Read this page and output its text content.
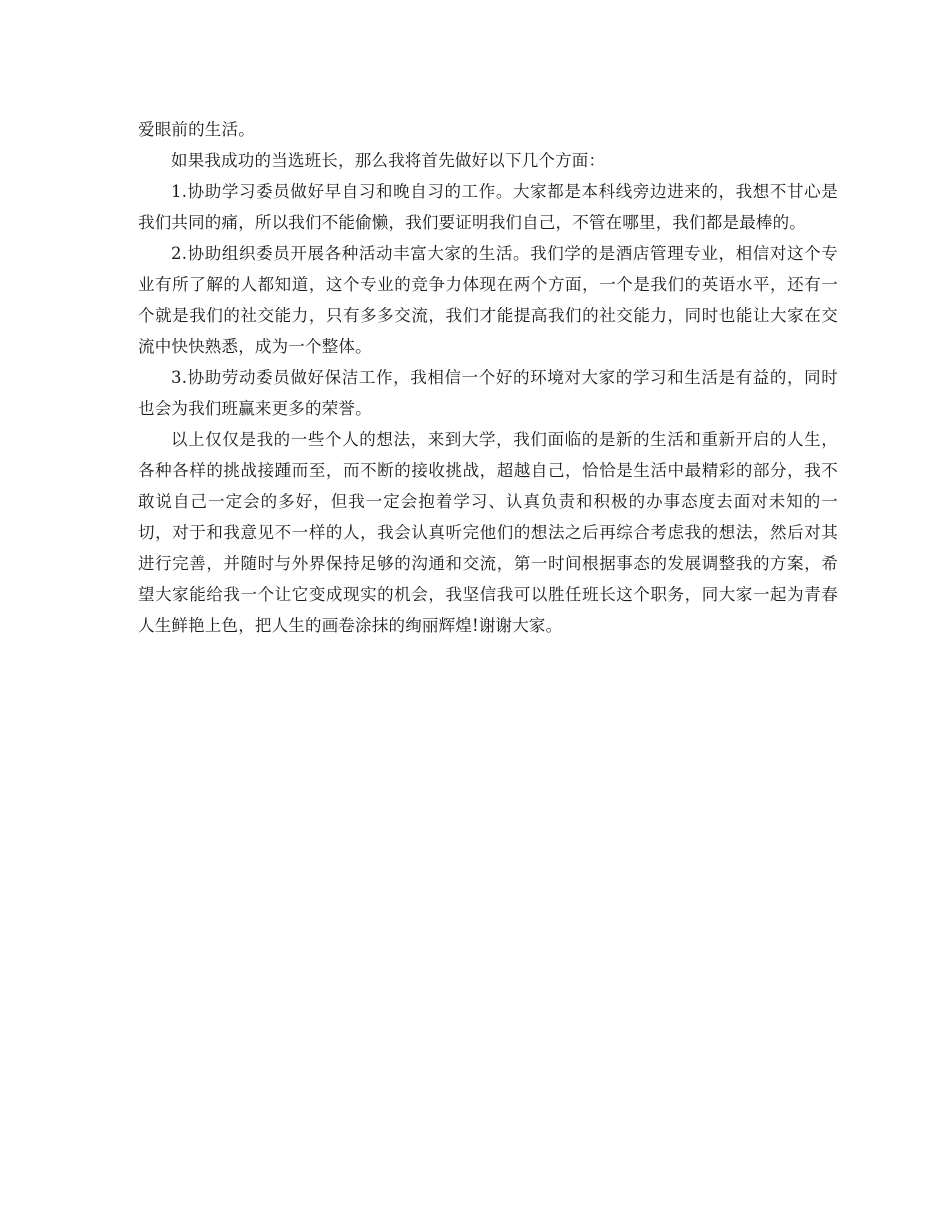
爱眼前的生活。

如果我成功的当选班长，那么我将首先做好以下几个方面：

1.协助学习委员做好早自习和晚自习的工作。大家都是本科线旁边进来的，我想不甘心是我们共同的痛，所以我们不能偷懒，我们要证明我们自己，不管在哪里，我们都是最棒的。

2.协助组织委员开展各种活动丰富大家的生活。我们学的是酒店管理专业，相信对这个专业有所了解的人都知道，这个专业的竞争力体现在两个方面，一个是我们的英语水平，还有一个就是我们的社交能力，只有多多交流，我们才能提高我们的社交能力，同时也能让大家在交流中快快熟悉，成为一个整体。

3.协助劳动委员做好保洁工作，我相信一个好的环境对大家的学习和生活是有益的，同时也会为我们班赢来更多的荣誉。

以上仅仅是我的一些个人的想法，来到大学，我们面临的是新的生活和重新开启的人生，各种各样的挑战接踵而至，而不断的接收挑战，超越自己，恰恰是生活中最精彩的部分，我不敢说自己一定会的多好，但我一定会抱着学习、认真负责和积极的办事态度去面对未知的一切，对于和我意见不一样的人，我会认真听完他们的想法之后再综合考虑我的想法，然后对其进行完善，并随时与外界保持足够的沟通和交流，第一时间根据事态的发展调整我的方案，希望大家能给我一个让它变成现实的机会，我坚信我可以胜任班长这个职务，同大家一起为青春人生鲜艳上色，把人生的画卷涂抹的绚丽辉煌!谢谢大家。
